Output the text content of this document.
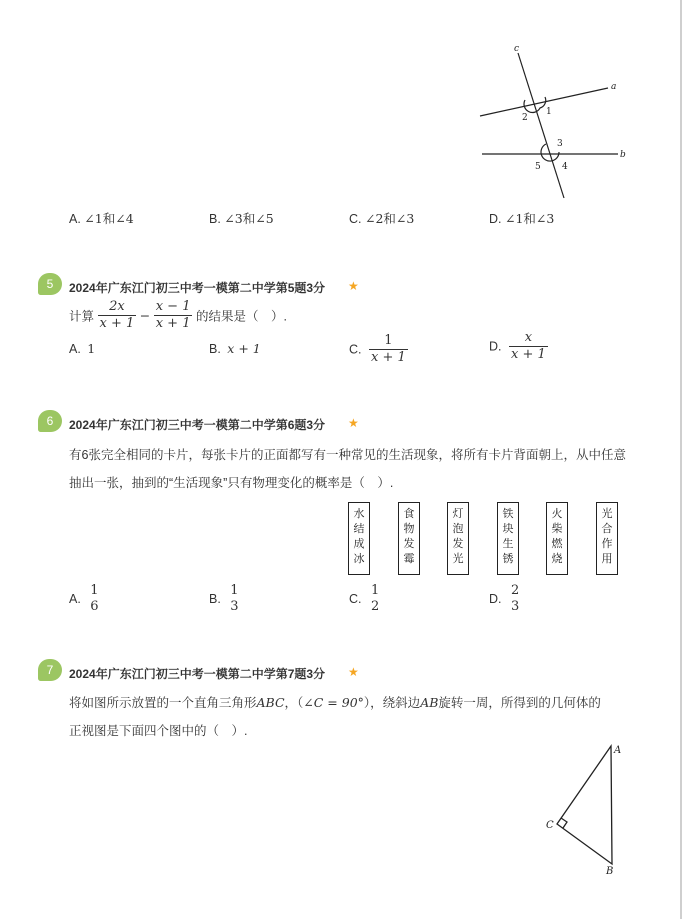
c
a
b
1
2
3
4
5
A. ∠1和∠4	B. ∠3和∠5	C. ∠2和∠3	D. ∠1和∠3
5	2024年广东江门初三中考一模第二中学第5题3分 ★
计算 $\frac{2x}{x + 1} - \frac{x - 1}{x + 1}$ 的结果是（　）.
A. 1	B. x + 1	C. $\frac{1}{x + 1}$	D. $\frac{x}{x + 1}$
6	2024年广东江门初三中考一模第二中学第6题3分 ★
有6张完全相同的卡片，每张卡片的正面都写有一种常见的生活现象，将所有卡片背面朝上，从中任意
抽出一张，抽到的“生活现象”只有物理变化的概率是（　）.
水
结
成
冰
食
物
发
霉
灯
泡
发
光
铁
块
生
锈
火
柴
燃
烧
光
合
作
用
A.
1
6	B.
1
3	C.
1
2	D.
2
3
7	2024年广东江门初三中考一模第二中学第7题3分 ★
将如图所示放置的一个直角三角形ABC，（∠C = 90°），绕斜边AB旋转一周，所得到的几何体的
正视图是下面四个图中的（　）.
A
C
B
